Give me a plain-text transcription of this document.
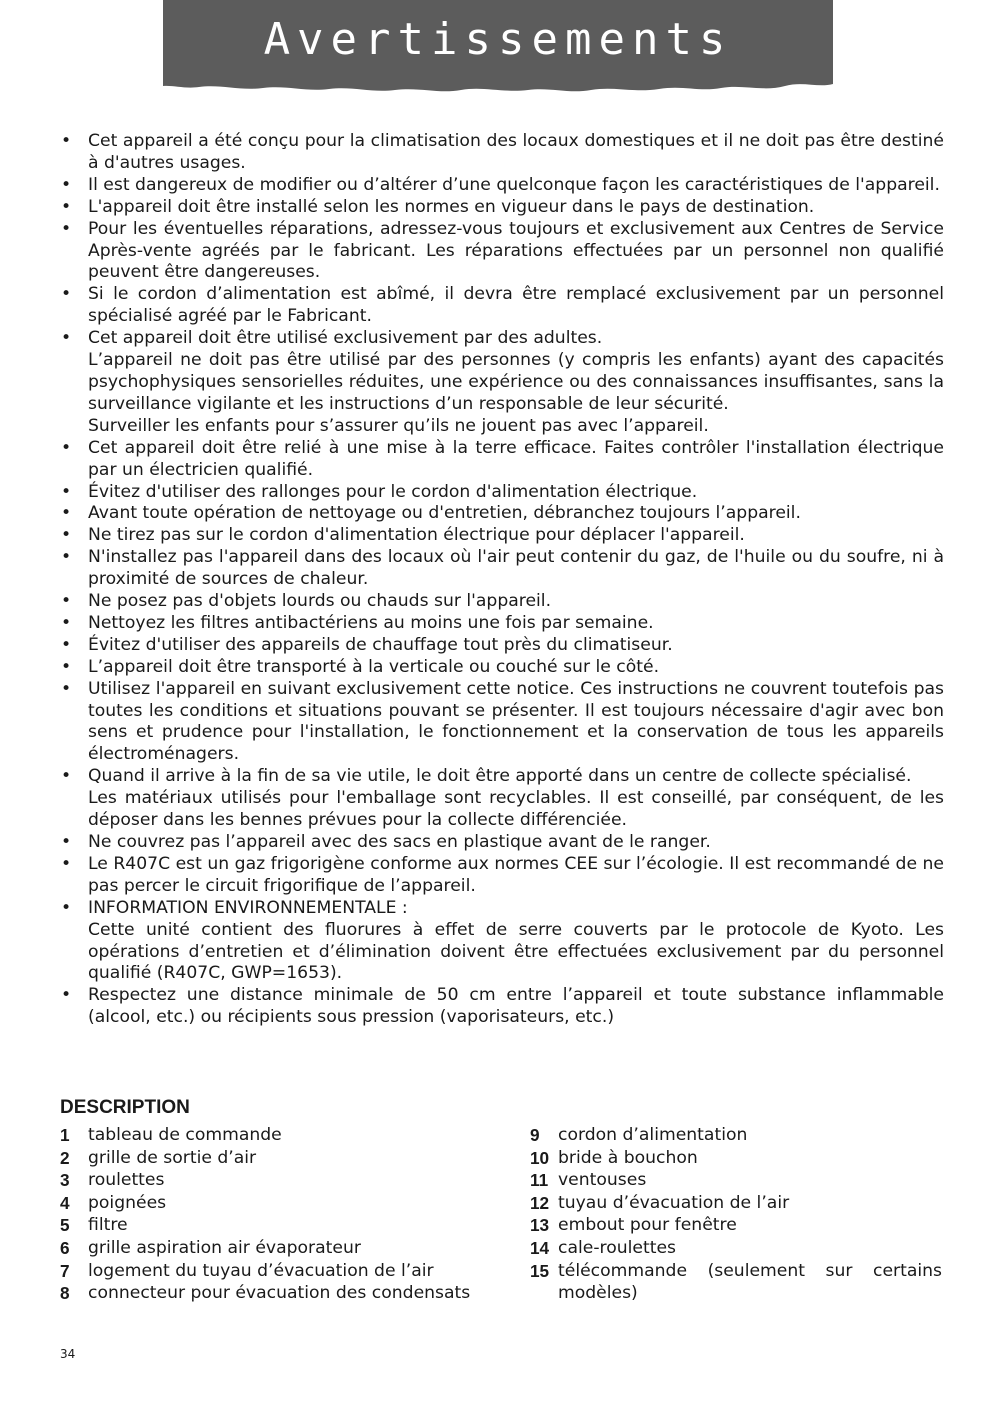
Avertissements
• Cet appareil a été conçu pour la climatisation des locaux domestiques et il ne doit pas être destiné à d'autres usages.
• Il est dangereux de modifier ou d’altérer d’une quelconque façon les caractéristiques de l'appareil.
• L'appareil doit être installé selon les normes en vigueur dans le pays de destination.
• Pour les éventuelles réparations, adressez-vous toujours et exclusivement aux Centres de Service Après-vente agréés par le fabricant. Les réparations effectuées par un personnel non qualifié peuvent être dangereuses.
• Si le cordon d’alimentation est abîmé, il devra être remplacé exclusivement par un personnel spécialisé agréé par le Fabricant.
• Cet appareil doit être utilisé exclusivement par des adultes.
L’appareil ne doit pas être utilisé par des personnes (y compris les enfants) ayant des capacités psychophysiques sensorielles réduites, une expérience ou des connaissances insuffisantes, sans la surveillance vigilante et les instructions d’un responsable de leur sécurité.
Surveiller les enfants pour s’assurer qu’ils ne jouent pas avec l’appareil.
• Cet appareil doit être relié à une mise à la terre efficace. Faites contrôler l'installation électrique par un électricien qualifié.
• Évitez d'utiliser des rallonges pour le cordon d'alimentation électrique.
• Avant toute opération de nettoyage ou d'entretien, débranchez toujours l’appareil.
• Ne tirez pas sur le cordon d'alimentation électrique pour déplacer l'appareil.
• N'installez pas l'appareil dans des locaux où l'air peut contenir du gaz, de l'huile ou du soufre, ni à proximité de sources de chaleur.
• Ne posez pas d'objets lourds ou chauds sur l'appareil.
• Nettoyez les filtres antibactériens au moins une fois par semaine.
• Évitez d'utiliser des appareils de chauffage tout près du climatiseur.
• L’appareil doit être transporté à la verticale ou couché sur le côté.
• Utilisez l'appareil en suivant exclusivement cette notice. Ces instructions ne couvrent toutefois pas toutes les conditions et situations pouvant se présenter. Il est toujours nécessaire d'agir avec bon sens et prudence pour l'installation, le fonctionnement et la conservation de tous les appareils électroménagers.
• Quand il arrive à la fin de sa vie utile, le doit être apporté dans un centre de collecte spécialisé.
Les matériaux utilisés pour l'emballage sont recyclables. Il est conseillé, par conséquent, de les déposer dans les bennes prévues pour la collecte différenciée.
• Ne couvrez pas l’appareil avec des sacs en plastique avant de le ranger.
• Le R407C est un gaz frigorigène conforme aux normes CEE sur l’écologie. Il est recommandé de ne pas percer le circuit frigorifique de l’appareil.
• INFORMATION ENVIRONNEMENTALE :
Cette unité contient des fluorures à effet de serre couverts par le protocole de Kyoto. Les opérations d’entretien et d’élimination doivent être effectuées exclusivement par du personnel qualifié (R407C, GWP=1653).
• Respectez une distance minimale de 50 cm entre l’appareil et toute substance inflammable (alcool, etc.) ou récipients sous pression (vaporisateurs, etc.)
DESCRIPTION
1 tableau de commande
2 grille de sortie d’air
3 roulettes
4 poignées
5 filtre
6 grille aspiration air évaporateur
7 logement du tuyau d’évacuation de l’air
8 connecteur pour évacuation des condensats
9 cordon d’alimentation
10 bride à bouchon
11 ventouses
12 tuyau d’évacuation de l’air
13 embout pour fenêtre
14 cale-roulettes
15 télécommande (seulement sur certains modèles)
34
